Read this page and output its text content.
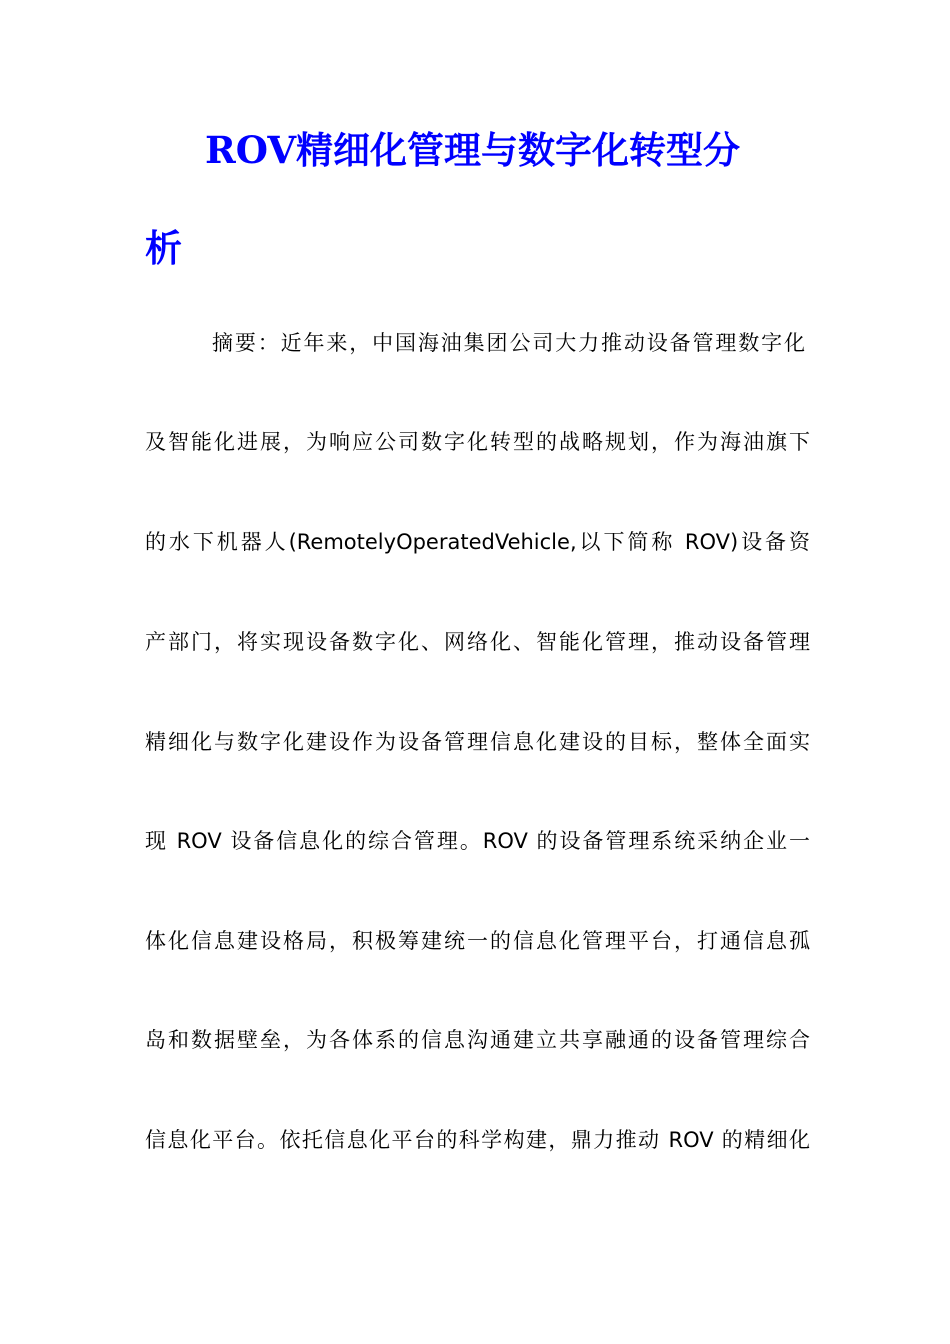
ROV精细化管理与数字化转型分
析
摘要：近年来，中国海油集团公司大力推动设备管理数字化
及智能化进展，为响应公司数字化转型的战略规划，作为海油旗下
的水下机器人(RemotelyOperatedVehicle,以下简称 ROV)设备资
产部门，将实现设备数字化、网络化、智能化管理，推动设备管理
精细化与数字化建设作为设备管理信息化建设的目标，整体全面实
现 ROV 设备信息化的综合管理。ROV 的设备管理系统采纳企业一
体化信息建设格局，积极筹建统一的信息化管理平台，打通信息孤
岛和数据壁垒，为各体系的信息沟通建立共享融通的设备管理综合
信息化平台。依托信息化平台的科学构建，鼎力推动 ROV 的精细化
